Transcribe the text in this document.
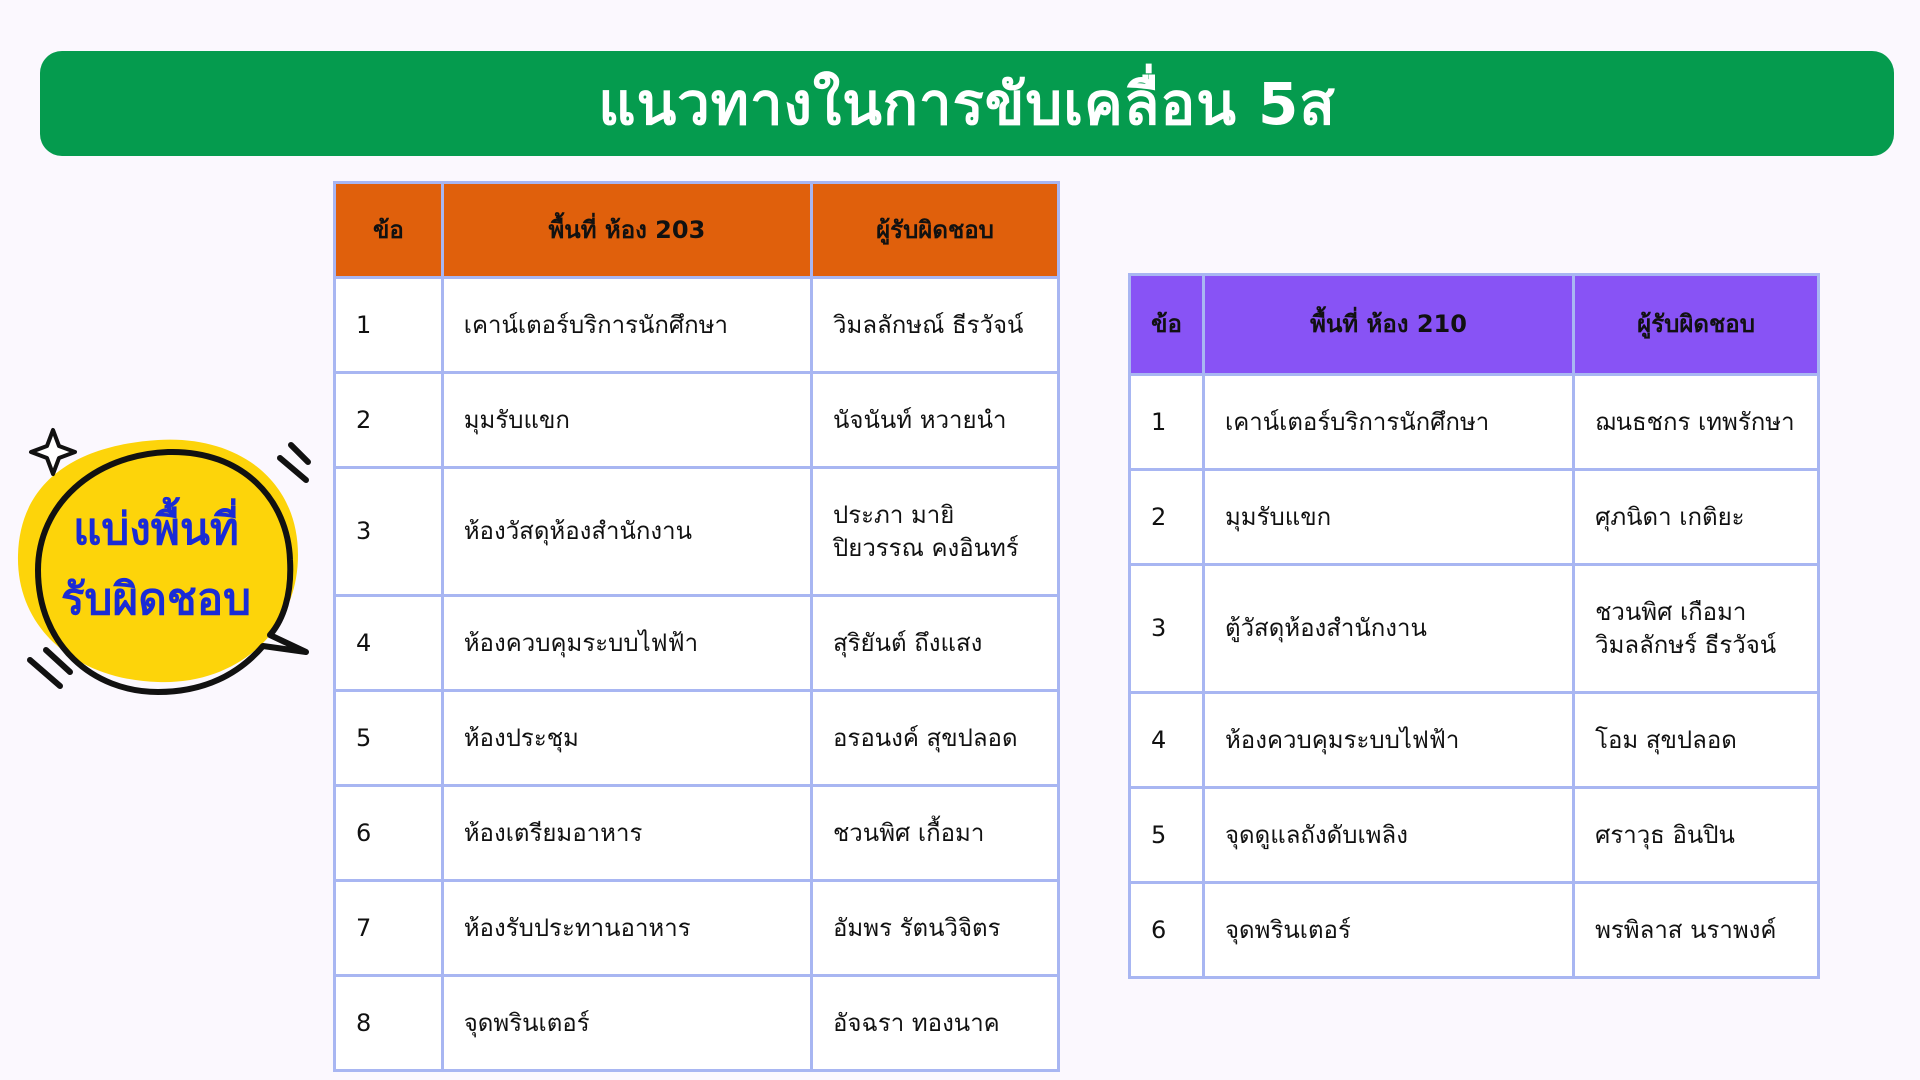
แนวทางในการขับเคลื่อน 5ส
แบ่งพื้นที่
รับผิดชอบ
ข้อ	พื้นที่ ห้อง 203	ผู้รับผิดชอบ
1	เคาน์เตอร์บริการนักศึกษา	วิมลลักษณ์ ธีรวัจน์
2	มุมรับแขก	นัจนันท์ หวายนำ
3	ห้องวัสดุห้องสำนักงาน	ประภา มายิ
ปิยวรรณ คงอินทร์

4	ห้องควบคุมระบบไฟฟ้า	สุริยันต์ ถึงแสง
5	ห้องประชุม	อรอนงค์ สุขปลอด
6	ห้องเตรียมอาหาร	ชวนพิศ เกื้อมา
7	ห้องรับประทานอาหาร	อัมพร รัตนวิจิตร
8	จุดพรินเตอร์	อัจฉรา ทองนาค
ข้อ	พื้นที่ ห้อง 210	ผู้รับผิดชอบ
1	เคาน์เตอร์บริการนักศึกษา	ฌนธชกร เทพรักษา
2	มุมรับแขก	ศุภนิดา เกติยะ
3	ตู้วัสดุห้องสำนักงาน	ชวนพิศ เกือมา
วิมลลักษร์ ธีรวัจน์

4	ห้องควบคุมระบบไฟฟ้า	โอม สุขปลอด
5	จุดดูแลถังดับเพลิง	ศราวุธ อินปิน
6	จุดพรินเตอร์	พรพิลาส นราพงค์
